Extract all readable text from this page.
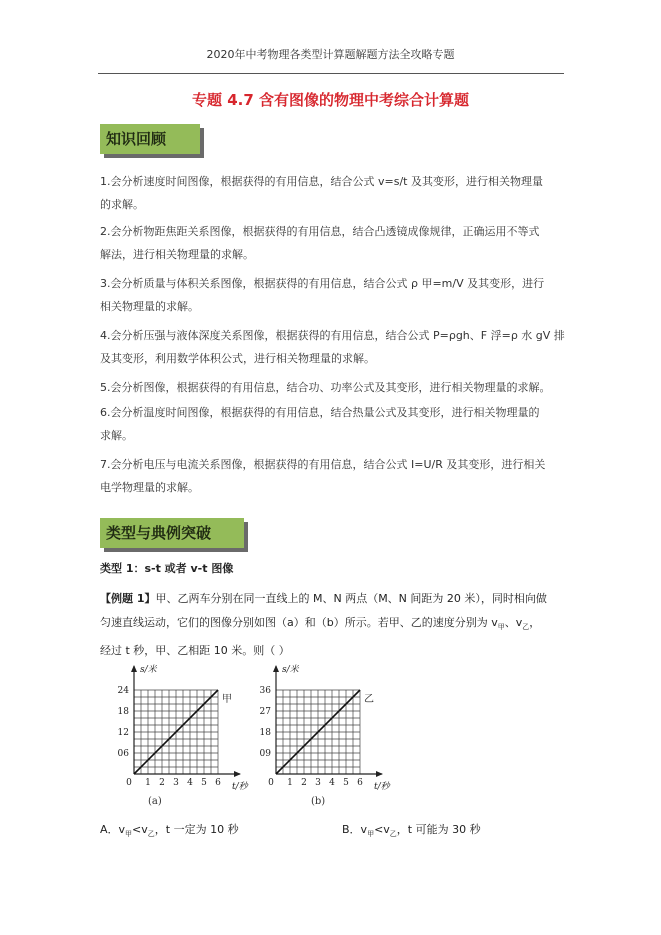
2020年中考物理各类型计算题解题方法全攻略专题
专题 4.7 含有图像的物理中考综合计算题
知识回顾
1.会分析速度时间图像，根据获得的有用信息，结合公式 v=s/t 及其变形，进行相关物理量
的求解。
2.会分析物距焦距关系图像，根据获得的有用信息，结合凸透镜成像规律，正确运用不等式
解法，进行相关物理量的求解。
3.会分析质量与体积关系图像，根据获得的有用信息，结合公式 ρ 甲=m/V 及其变形，进行
相关物理量的求解。
4.会分析压强与液体深度关系图像，根据获得的有用信息，结合公式 P=ρgh、F 浮=ρ 水 gV 排
及其变形，利用数学体积公式，进行相关物理量的求解。
5.会分析图像，根据获得的有用信息，结合功、功率公式及其变形，进行相关物理量的求解。
6.会分析温度时间图像，根据获得的有用信息，结合热量公式及其变形，进行相关物理量的
求解。
7.会分析电压与电流关系图像，根据获得的有用信息，结合公式 I=U/R 及其变形，进行相关
电学物理量的求解。
类型与典例突破
类型 1：s-t 或者 v-t 图像
【例题 1】甲、乙两车分别在同一直线上的 M、N 两点（M、N 间距为 20 米），同时相向做
匀速直线运动，它们的图像分别如图（a）和（b）所示。若甲、乙的速度分别为 $v_甲$、$v_乙$，
经过 t 秒，甲、乙相距 10 米。则（ ）
s/米
t/秒
06
12
18
24
0 1 2 3 4 5 6
甲
(a)
s/米
t/秒
09
18
27
36
0 1 2 3 4 5 6
乙
(b)
A．$v_甲<v_乙$，t 一定为 10 秒	B．$v_甲<v_乙$，t 可能为 30 秒
